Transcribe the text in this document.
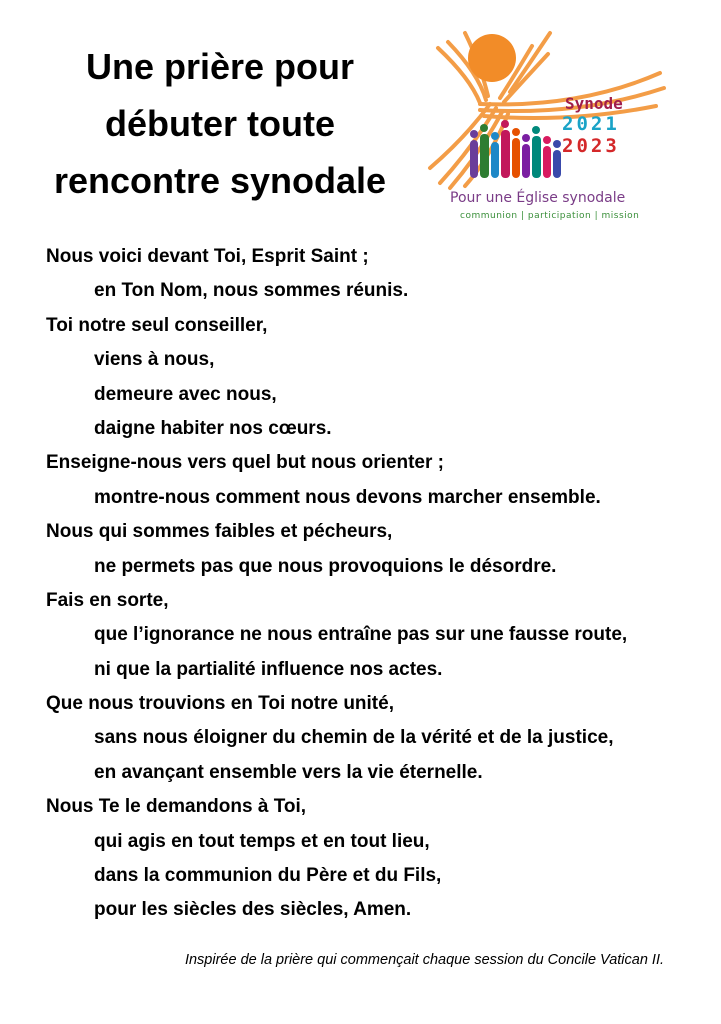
Une prière pour
débuter toute
rencontre synodale
Synode
2021
2023
Pour une Église synodale
communion | participation | mission
Nous voici devant Toi, Esprit Saint ;
en Ton Nom, nous sommes réunis.
Toi notre seul conseiller,
viens à nous,
demeure avec nous,
daigne habiter nos cœurs.
Enseigne-nous vers quel but nous orienter ;
montre-nous comment nous devons marcher ensemble.
Nous qui sommes faibles et pécheurs,
ne permets pas que nous provoquions le désordre.
Fais en sorte,
que l’ignorance ne nous entraîne pas sur une fausse route,
ni que la partialité influence nos actes.
Que nous trouvions en Toi notre unité,
sans nous éloigner du chemin de la vérité et de la justice,
en avançant ensemble vers la vie éternelle.
Nous Te le demandons à Toi,
qui agis en tout temps et en tout lieu,
dans la communion du Père et du Fils,
pour les siècles des siècles, Amen.
Inspirée de la prière qui commençait chaque session du Concile Vatican II.
